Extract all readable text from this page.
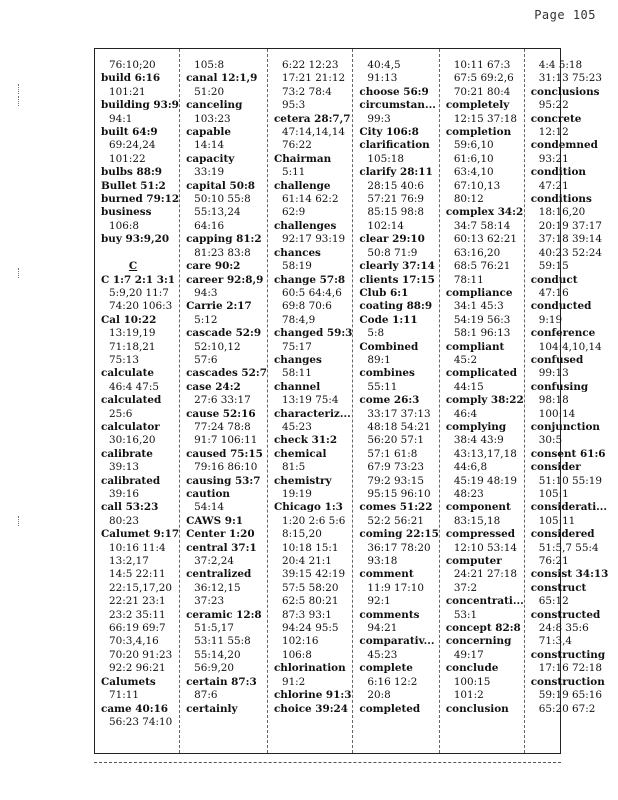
Page 105
76:10;20
build 6:16
101:21
building 93:9
94:1
built 64:9
69:24,24
101:22
bulbs 88:9
Bullet 51:2
burned 79:12
business
106:8
buy 93:9,20

C
C 1:7 2:1 3:1
5:9,20 11:7
74:20 106:3
Cal 10:22
13:19,19
71:18,21
75:13
calculate
46:4 47:5
calculated
25:6
calculator
30:16,20
calibrate
39:13
calibrated
39:16
call 53:23
80:23
Calumet 9:17
10:16 11:4
13:2,17
14:5 22:11
22:15,17,20
22:21 23:1
23:2 35:11
66:19 69:7
70:3,4,16
70:20 91:23
92:2 96:21
Calumets
71:11
came 40:16
56:23 74:10
105:8
canal 12:1,9
51:20
canceling
103:23
capable
14:14
capacity
33:19
capital 50:8
50:10 55:8
55:13,24
64:16
capping 81:2
81:23 83:8
care 90:2
career 92:8,9
94:3
Carrie 2:17
5:12
cascade 52:9
52:10,12
57:6
cascades 52:7
case 24:2
27:6 33:17
cause 52:16
77:24 78:8
91:7 106:11
caused 75:15
79:16 86:10
causing 53:7
caution
54:14
CAWS 9:1
Center 1:20
central 37:1
37:2,24
centralized
36:12,15
37:23
ceramic 12:8
51:5,17
53:11 55:8
55:14,20
56:9,20
certain 87:3
87:6
certainly
6:22 12:23
17:21 21:12
73:2 78:4
95:3
cetera 28:7,7
47:14,14,14
76:22
Chairman
5:11
challenge
61:14 62:2
62:9
challenges
92:17 93:19
chances
58:19
change 57:8
60:5 64:4,6
69:8 70:6
78:4,9
changed 59:3
75:17
changes
58:11
channel
13:19 75:4
characteriz...
45:23
check 31:2
chemical
81:5
chemistry
19:19
Chicago 1:3
1:20 2:6 5:6
8:15,20
10:18 15:1
20:4 21:1
39:15 42:19
57:5 58:20
62:5 80:21
87:3 93:1
94:24 95:5
102:16
106:8
chlorination
91:2
chlorine 91:3
choice 39:24
40:4,5
91:13
choose 56:9
circumstan...
99:3
City 106:8
clarification
105:18
clarify 28:11
28:15 40:6
57:21 76:9
85:15 98:8
102:14
clear 29:10
50:8 71:9
clearly 37:14
clients 17:15
Club 6:1
coating 88:9
Code 1:11
5:8
Combined
89:1
combines
55:11
come 26:3
33:17 37:13
48:18 54:21
56:20 57:1
57:1 61:8
67:9 73:23
79:2 93:15
95:15 96:10
comes 51:22
52:2 56:21
coming 22:15
36:17 78:20
93:18
comment
11:9 17:10
92:1
comments
94:21
comparativ...
45:23
complete
6:16 12:2
20:8
completed
10:11 67:3
67:5 69:2,6
70:21 80:4
completely
12:15 37:18
completion
59:6,10
61:6,10
63:4,10
67:10,13
80:12
complex 34:2
34:7 58:14
60:13 62:21
63:16,20
68:5 76:21
78:11
compliance
34:1 45:3
54:19 56:3
58:1 96:13
compliant
45:2
complicated
44:15
comply 38:22
46:4
complying
38:4 43:9
43:13,17,18
44:6,8
45:19 48:19
48:23
component
83:15,18
compressed
12:10 53:14
computer
24:21 27:18
37:2
concentrati...
53:1
concept 82:8
concerning
49:17
conclude
100:15
101:2
conclusion
4:4 5:18
31:13 75:23
conclusions
95:22
concrete
12:12
condemned
93:21
condition
47:21
conditions
18:16,20
20:19 37:17
37:18 39:14
40:23 52:24
59:15
conduct
47:16
conducted
9:19
conference
104:4,10,14
confused
99:13
confusing
98:18
100:14
conjunction
30:5
consent 61:6
consider
51:10 55:19
105:1
considerati...
105:11
considered
51:5,7 55:4
76:21
consist 34:13
construct
65:12
constructed
24:8 35:6
71:3,4
constructing
17:16 72:18
construction
59:19 65:16
65:20 67:2
